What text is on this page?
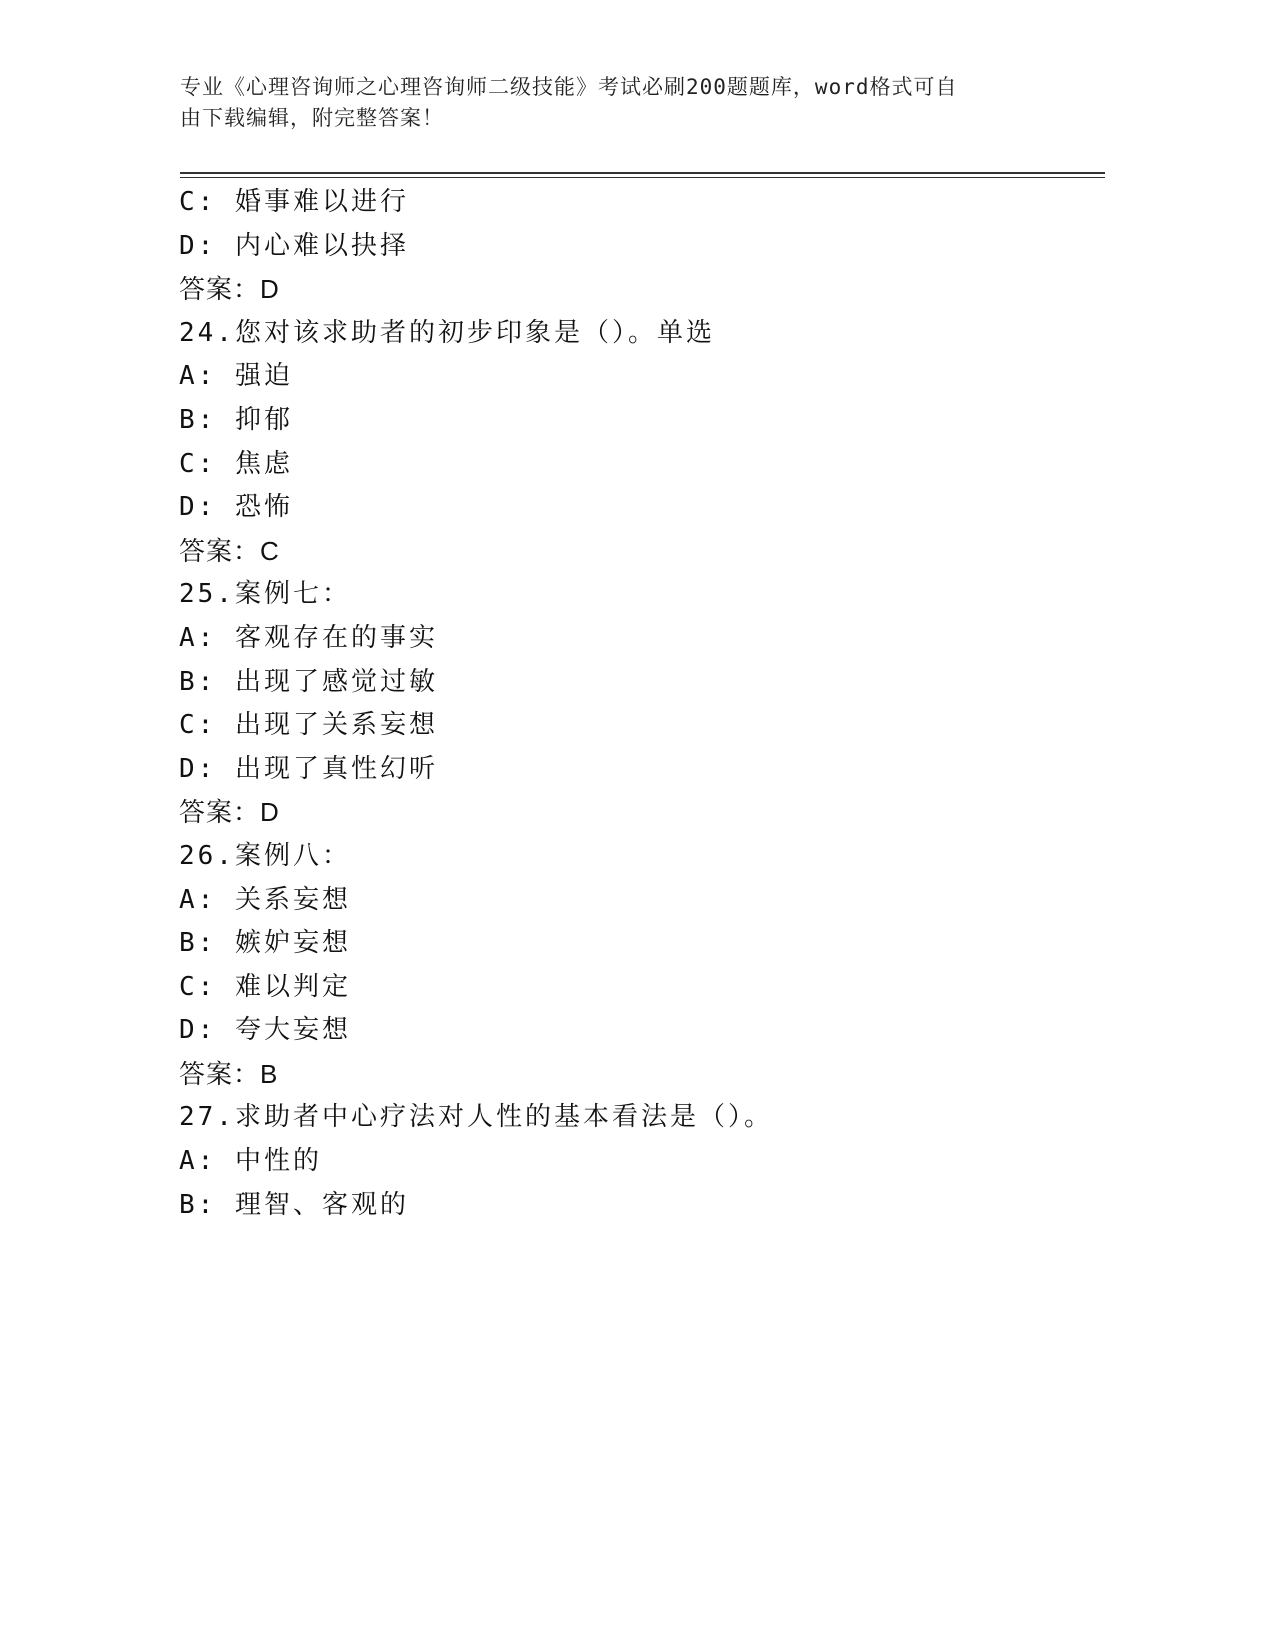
专业《心理咨询师之心理咨询师二级技能》考试必刷200题题库，word格式可自
由下载编辑，附完整答案！
C: 婚事难以进行
D: 内心难以抉择
答案：D
24.您对该求助者的初步印象是（）。单选
A: 强迫
B: 抑郁
C: 焦虑
D: 恐怖
答案：C
25.案例七：
A: 客观存在的事实
B: 出现了感觉过敏
C: 出现了关系妄想
D: 出现了真性幻听
答案：D
26.案例八：
A: 关系妄想
B: 嫉妒妄想
C: 难以判定
D: 夸大妄想
答案：B
27.求助者中心疗法对人性的基本看法是（）。
A: 中性的
B: 理智、客观的
